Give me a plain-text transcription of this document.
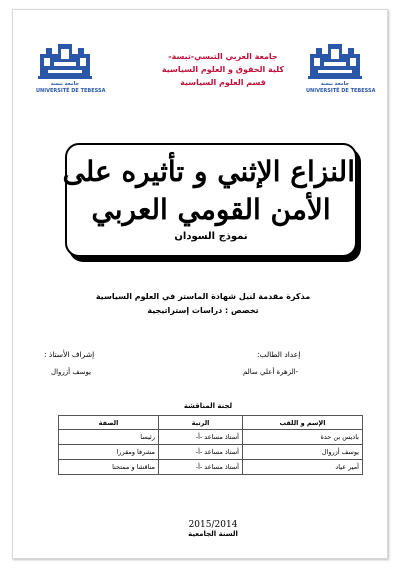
جامعة تبسة
UNIVERSITÉ DE TEBESSA
جامعة تبسة
UNIVERSITÉ DE TEBESSA
جامعة العربي التبسي-تبسة-
كلية الحقوق و العلوم السياسية
قسم العلوم السياسية
النزاع الإثني و تأثيره على
الأمن القومي العربي
نموذج السودان
مذكرة مقدمة لنيل شهادة الماستر في العلوم السياسية
تخصص : دراسات إستراتيجية
إعداد الطالب:
-الزهرة أعلي سالم
إشراف الأستاذ :
يوسف أزروال
لجنة المناقشة
الإسم و اللقب	الرتبة	الصفة
باديس بن حدة	أستاذ مساعد -أ-	رئيسا
يوسف أزروال	أستاذ مساعد -أ-	مشرفا ومقررا
أمير عياد	أستاذ مساعد -أ-	مناقشا و ممتحنا
2015/2014
السنة الجامعية
